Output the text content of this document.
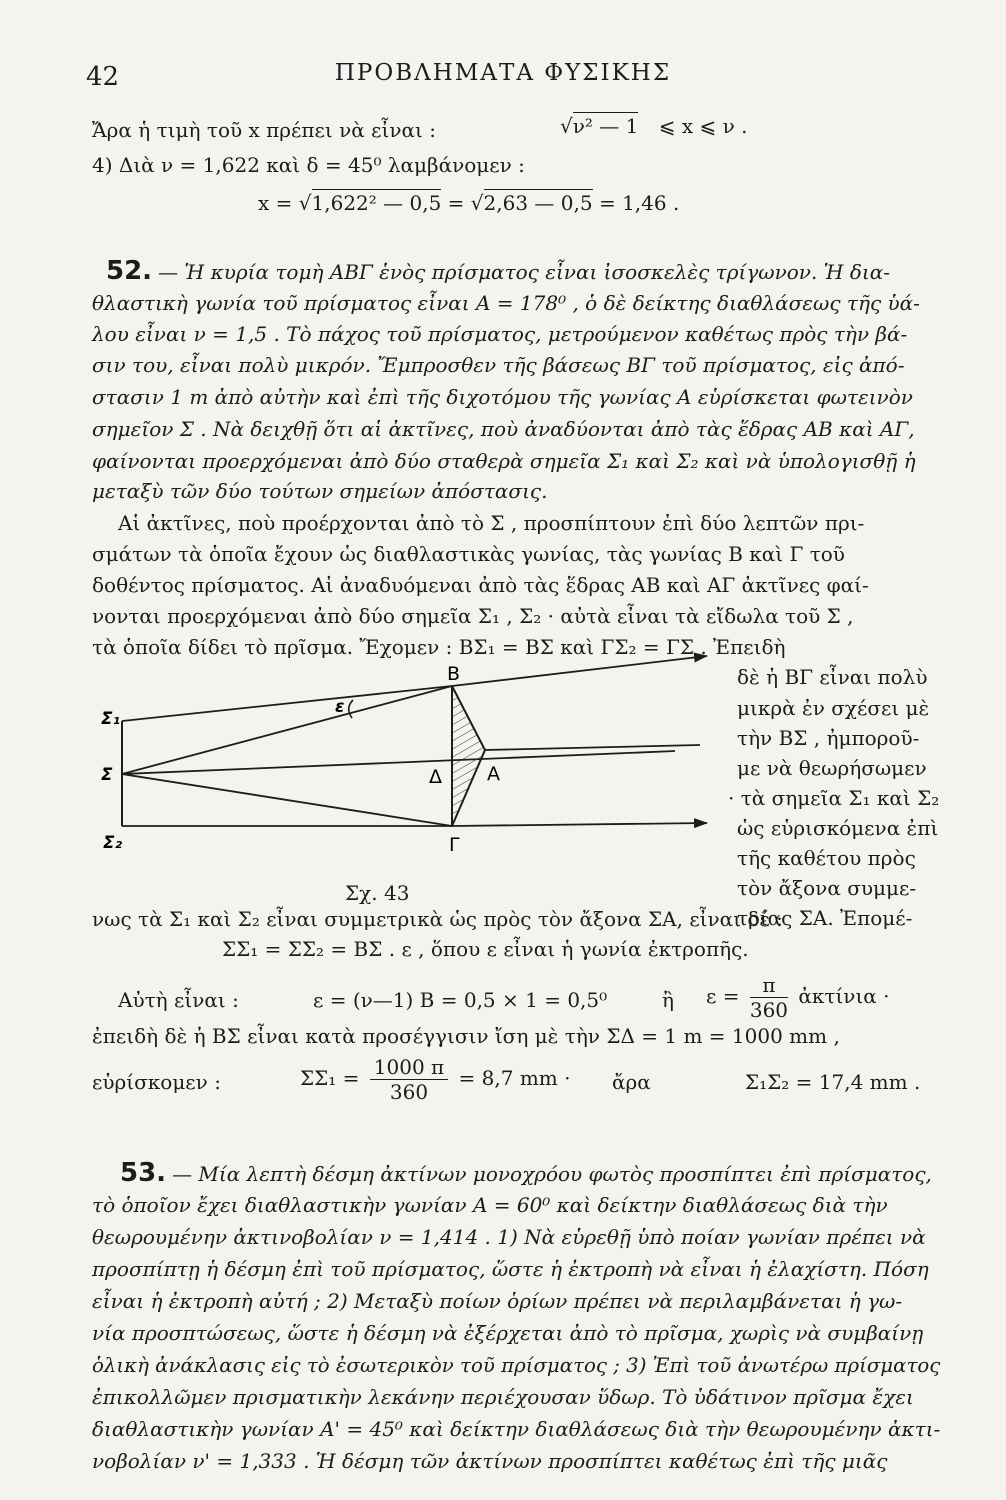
42	ΠΡΟΒΛΗΜΑΤΑ ΦΥΣΙΚΗΣ
Ἄρα ἡ τιμὴ τοῦ x πρέπει νὰ εἶναι :	√ν² — 1 ⩽ x ⩽ ν .
4) Διὰ ν = 1,622 καὶ δ = 45⁰ λαμβάνομεν :
x = √1,622² — 0,5 = √2,63 — 0,5 = 1,46 .
52. — Ἡ κυρία τομὴ ΑΒΓ ἑνὸς πρίσματος εἶναι ἰσοσκελὲς τρίγωνον. Ἡ δια-
θλαστικὴ γωνία τοῦ πρίσματος εἶναι Α = 178⁰ , ὁ δὲ δείκτης διαθλάσεως τῆς ὑά-
λου εἶναι ν = 1,5 . Τὸ πάχος τοῦ πρίσματος, μετρούμενον καθέτως πρὸς τὴν βά-
σιν του, εἶναι πολὺ μικρόν. Ἔμπροσθεν τῆς βάσεως ΒΓ τοῦ πρίσματος, εἰς ἀπό-
στασιν 1 m ἀπὸ αὐτὴν καὶ ἐπὶ τῆς διχοτόμου τῆς γωνίας Α εὑρίσκεται φωτεινὸν
σημεῖον Σ . Νὰ δειχθῇ ὅτι αἱ ἀκτῖνες, ποὺ ἀναδύονται ἀπὸ τὰς ἕδρας ΑΒ καὶ ΑΓ,
φαίνονται προερχόμεναι ἀπὸ δύο σταθερὰ σημεῖα Σ₁ καὶ Σ₂ καὶ νὰ ὑπολογισθῇ ἡ
μεταξὺ τῶν δύο τούτων σημείων ἀπόστασις.
Αἱ ἀκτῖνες, ποὺ προέρχονται ἀπὸ τὸ Σ , προσπίπτουν ἐπὶ δύο λεπτῶν πρι-
σμάτων τὰ ὁποῖα ἔχουν ὡς διαθλαστικὰς γωνίας, τὰς γωνίας Β καὶ Γ τοῦ
δοθέντος πρίσματος. Αἱ ἀναδυόμεναι ἀπὸ τὰς ἕδρας ΑΒ καὶ ΑΓ ἀκτῖνες φαί-
νονται προερχόμεναι ἀπὸ δύο σημεῖα Σ₁ , Σ₂ · αὐτὰ εἶναι τὰ εἴδωλα τοῦ Σ ,
τὰ ὁποῖα δίδει τὸ πρῖσμα. Ἔχομεν : ΒΣ₁ = ΒΣ καὶ ΓΣ₂ = ΓΣ . Ἐπειδὴ
δὲ ἡ ΒΓ εἶναι πολὺ
μικρὰ ἐν σχέσει μὲ
τὴν ΒΣ , ἠμποροῦ-
με νὰ θεωρήσωμεν
· τὰ σημεῖα Σ₁ καὶ Σ₂
ὡς εὑρισκόμενα ἐπὶ
τῆς καθέτου πρὸς
τὸν ἄξονα συμμε-
τρίας ΣΑ. Ἐπομέ-
Σ₁
Σ
Σ₂
Β
Γ
Δ Α
ε
Σχ. 43
νως τὰ Σ₁ καὶ Σ₂ εἶναι συμμετρικὰ ὡς πρὸς τὸν ἄξονα ΣΑ, εἶναι δέ :
ΣΣ₁ = ΣΣ₂ = ΒΣ . ε , ὅπου ε εἶναι ἡ γωνία ἐκτροπῆς.
Αὐτὴ εἶναι :	ε = (ν—1) Β = 0,5 × 1 = 0,5⁰	ἢ $\varepsilon = \frac{\pi}{360}$ ἀκτίνια ·
ἐπειδὴ δὲ ἡ ΒΣ εἶναι κατὰ προσέγγισιν ἴση μὲ τὴν ΣΔ = 1 m = 1000 mm ,
εὑρίσκομεν :	$\Sigma\Sigma_1 = \frac{1000 \pi}{360} = 8,7$ mm · ἄρα	Σ₁Σ₂ = 17,4 mm .
53. — Μία λεπτὴ δέσμη ἀκτίνων μονοχρόου φωτὸς προσπίπτει ἐπὶ πρίσματος,
τὸ ὁποῖον ἔχει διαθλαστικὴν γωνίαν Α = 60⁰ καὶ δείκτην διαθλάσεως διὰ τὴν
θεωρουμένην ἀκτινοβολίαν ν = 1,414 . 1) Νὰ εὑρεθῇ ὑπὸ ποίαν γωνίαν πρέπει νὰ
προσπίπτῃ ἡ δέσμη ἐπὶ τοῦ πρίσματος, ὥστε ἡ ἐκτροπὴ νὰ εἶναι ἡ ἐλαχίστη. Πόση
εἶναι ἡ ἐκτροπὴ αὐτή ; 2) Μεταξὺ ποίων ὁρίων πρέπει νὰ περιλαμβάνεται ἡ γω-
νία προσπτώσεως, ὥστε ἡ δέσμη νὰ ἐξέρχεται ἀπὸ τὸ πρῖσμα, χωρὶς νὰ συμβαίνῃ
ὁλικὴ ἀνάκλασις εἰς τὸ ἐσωτερικὸν τοῦ πρίσματος ; 3) Ἐπὶ τοῦ ἀνωτέρω πρίσματος
ἐπικολλῶμεν πρισματικὴν λεκάνην περιέχουσαν ὕδωρ. Τὸ ὑδάτινον πρῖσμα ἔχει
διαθλαστικὴν γωνίαν Α' = 45⁰ καὶ δείκτην διαθλάσεως διὰ τὴν θεωρουμένην ἀκτι-
νοβολίαν ν' = 1,333 . Ἡ δέσμη τῶν ἀκτίνων προσπίπτει καθέτως ἐπὶ τῆς μιᾶς
